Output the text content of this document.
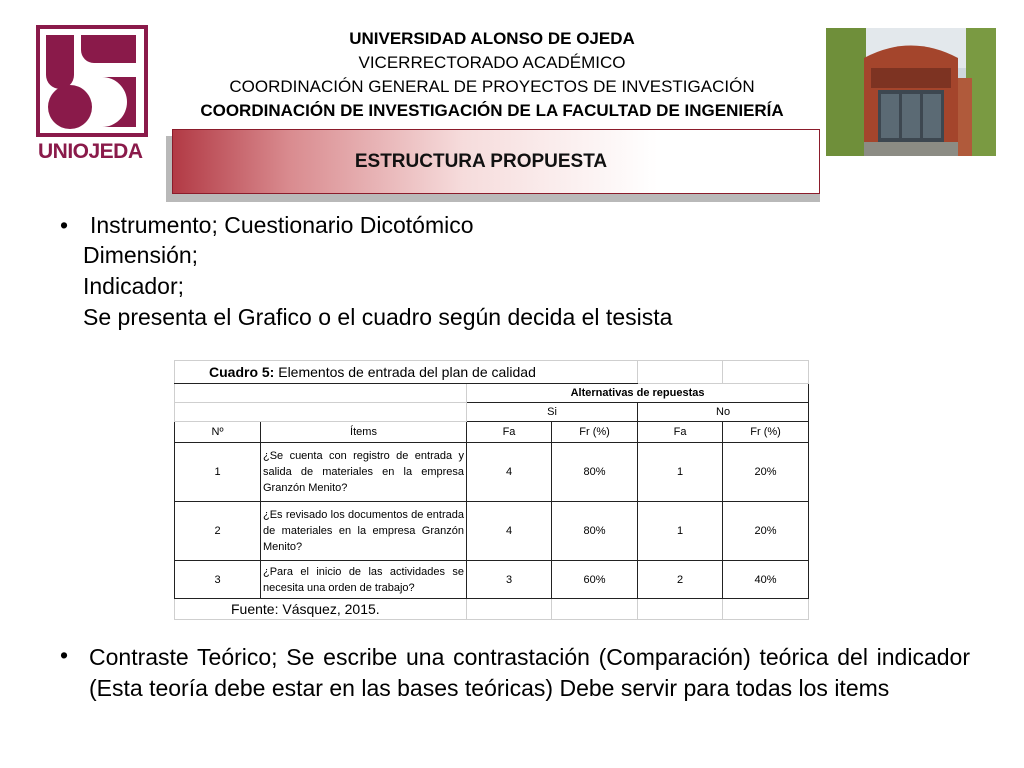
UNIOJEDA
UNIVERSIDAD ALONSO DE OJEDA
VICERRECTORADO ACADÉMICO
COORDINACIÓN GENERAL DE PROYECTOS DE INVESTIGACIÓN
COORDINACIÓN DE INVESTIGACIÓN DE LA FACULTAD DE INGENIERÍA
ESTRUCTURA PROPUESTA
• Instrumento; Cuestionario Dicotómico
Dimensión;
Indicador;
Se presenta el Grafico o el cuadro según decida el tesista
Cuadro 5: Elementos de entrada del plan de calidad					
		Alternativas de repuestas			
		Si		No	
Nº	Ítems	Fa	Fr (%)	Fa	Fr (%)
1	¿Se cuenta con registro de entrada y salida de materiales en la empresa Granzón Menito?	4	80%	1	20%
2	¿Es revisado los documentos de entrada de materiales en la empresa Granzón Menito?	4	80%	1	20%
3	¿Para el inicio de las actividades se necesita una orden de trabajo?	3	60%	2	40%
Fuente: Vásquez, 2015.					
• Contraste Teórico; Se escribe una contrastación (Comparación) teórica del indicador (Esta teoría debe estar en las bases teóricas) Debe servir para todas los items
